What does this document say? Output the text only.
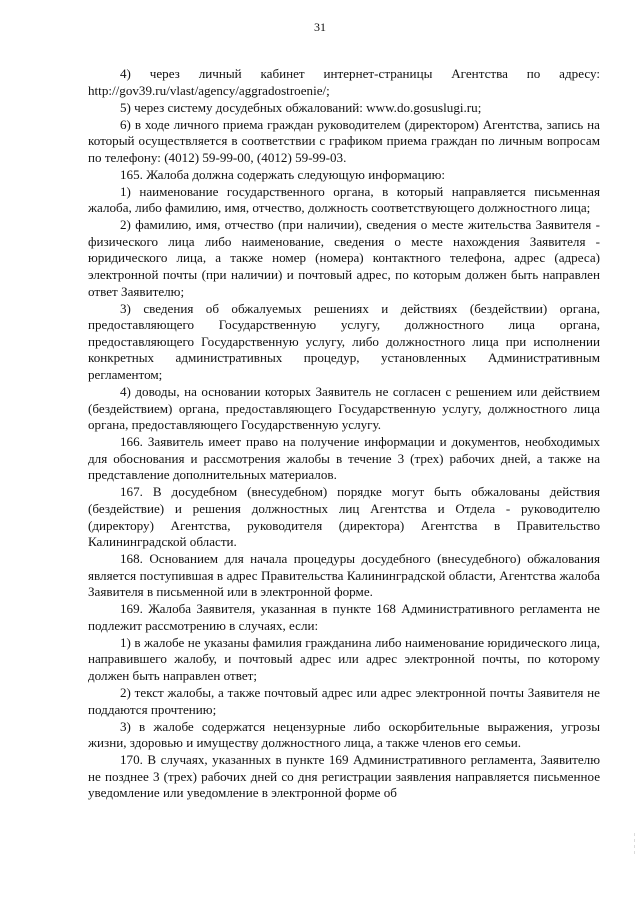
31

4) через личный кабинет интернет-страницы Агентства по адресу: http://gov39.ru/vlast/agency/aggradostroenie/;

5) через систему досудебных обжалований: www.do.gosuslugi.ru;

6) в ходе личного приема граждан руководителем (директором) Агентства, запись на который осуществляется в соответствии с графиком приема граждан по личным вопросам по телефону: (4012) 59-99-00, (4012) 59-99-03.

165. Жалоба должна содержать следующую информацию:

1) наименование государственного органа, в который направляется письменная жалоба, либо фамилию, имя, отчество, должность соответствующего должностного лица;

2) фамилию, имя, отчество (при наличии), сведения о месте жительства Заявителя - физического лица либо наименование, сведения о месте нахождения Заявителя - юридического лица, а также номер (номера) контактного телефона, адрес (адреса) электронной почты (при наличии) и почтовый адрес, по которым должен быть направлен ответ Заявителю;

3) сведения об обжалуемых решениях и действиях (бездействии) органа, предоставляющего Государственную услугу, должностного лица органа, предоставляющего Государственную услугу, либо должностного лица при исполнении конкретных административных процедур, установленных Административным регламентом;

4) доводы, на основании которых Заявитель не согласен с решением или действием (бездействием) органа, предоставляющего Государственную услугу, должностного лица органа, предоставляющего Государственную услугу.

166. Заявитель имеет право на получение информации и документов, необходимых для обоснования и рассмотрения жалобы в течение 3 (трех) рабочих дней, а также на представление дополнительных материалов.

167. В досудебном (внесудебном) порядке могут быть обжалованы действия (бездействие) и решения должностных лиц Агентства и Отдела - руководителю (директору) Агентства, руководителя (директора) Агентства в Правительство Калининградской области.

168. Основанием для начала процедуры досудебного (внесудебного) обжалования является поступившая в адрес Правительства Калининградской области, Агентства жалоба Заявителя в письменной или в электронной форме.

169. Жалоба Заявителя, указанная в пункте 168 Административного регламента не подлежит рассмотрению в случаях, если:

1) в жалобе не указаны фамилия гражданина либо наименование юридического лица, направившего жалобу, и почтовый адрес или адрес электронной почты, по которому должен быть направлен ответ;

2) текст жалобы, а также почтовый адрес или адрес электронной почты Заявителя не поддаются прочтению;

3) в жалобе содержатся нецензурные либо оскорбительные выражения, угрозы жизни, здоровью и имуществу должностного лица, а также членов его семьи.

170. В случаях, указанных в пункте 169 Административного регламента, Заявителю не позднее 3 (трех) рабочих дней со дня регистрации заявления направляется письменное уведомление или уведомление в электронной форме об
